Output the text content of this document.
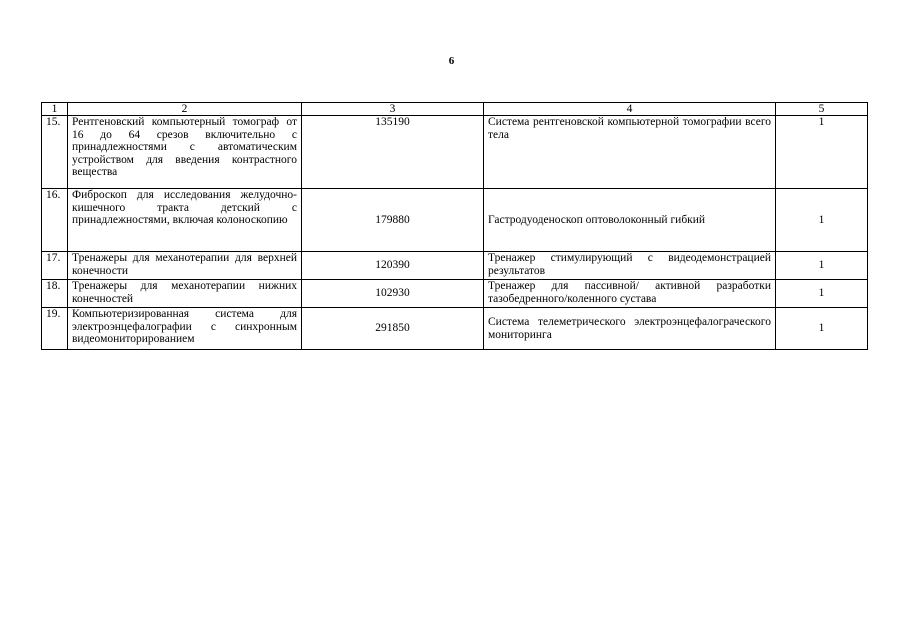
6
1	2	3	4	5
15.	Рентгеновский компьютерный томограф от 16 до 64 срезов включительно с принадлежностями с автоматическим устройством для введения контрастного вещества	135190	Система рентгеновской компьютерной томографии всего тела	1
16.	Фиброскоп для исследования желудочно-кишечного тракта детский с принадлежностями, включая колоноскопию	179880	Гастродуоденоскоп оптоволоконный гибкий	1
17.	Тренажеры для механотерапии для верхней конечности	120390	Тренажер стимулирующий с видеодемонстрацией результатов	1
18.	Тренажеры для механотерапии нижних конечностей	102930	Тренажер для пассивной/ активной разработки тазобедренного/коленного сустава	1
19.	Компьютеризированная система для электроэнцефалографии с синхронным видеомониторированием	291850	Система телеметрического электроэнцефалограческого мониторинга	1
